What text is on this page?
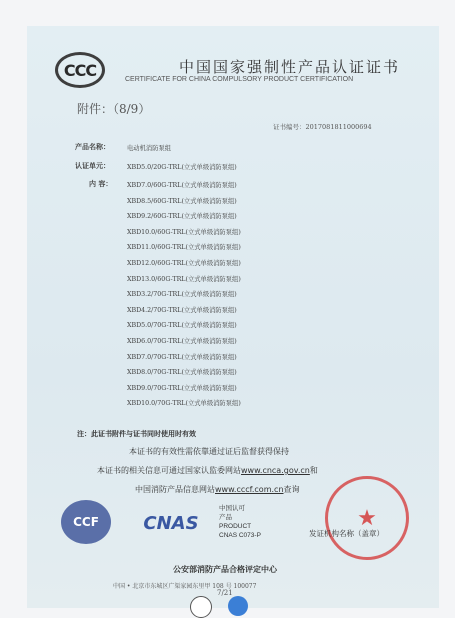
CCC	中国国家强制性产品认证证书
CERTIFICATE FOR CHINA COMPULSORY PRODUCT CERTIFICATION
附件：（8/9）
证书编号：2017081811000694
产品名称：	电动机消防泵组
认证单元：	XBD5.0/20G-TRL(立式单级消防泵组)
内 容： XBD7.0/60G-TRL(立式单级消防泵组)
XBD8.5/60G-TRL(立式单级消防泵组)
XBD9.2/60G-TRL(立式单级消防泵组)
XBD10.0/60G-TRL(立式单级消防泵组)
XBD11.0/60G-TRL(立式单级消防泵组)
XBD12.0/60G-TRL(立式单级消防泵组)
XBD13.0/60G-TRL(立式单级消防泵组)
XBD3.2/70G-TRL(立式单级消防泵组)
XBD4.2/70G-TRL(立式单级消防泵组)
XBD5.0/70G-TRL(立式单级消防泵组)
XBD6.0/70G-TRL(立式单级消防泵组)
XBD7.0/70G-TRL(立式单级消防泵组)
XBD8.0/70G-TRL(立式单级消防泵组)
XBD9.0/70G-TRL(立式单级消防泵组)
XBD10.0/70G-TRL(立式单级消防泵组)
注：此证书附件与证书同时使用时有效
本证书的有效性需依靠通过证后监督获得保持
本证书的相关信息可通过国家认监委网站www.cnca.gov.cn和
中国消防产品信息网站www.cccf.com.cn查询
CCF	CNAS
中国认可
产品
PRODUCT
CNAS C073-P
★
发证机构名称（盖章）
公安部消防产品合格评定中心
中国 • 北京市东城区广渠家园东里甲 108 号 100077
7/21
